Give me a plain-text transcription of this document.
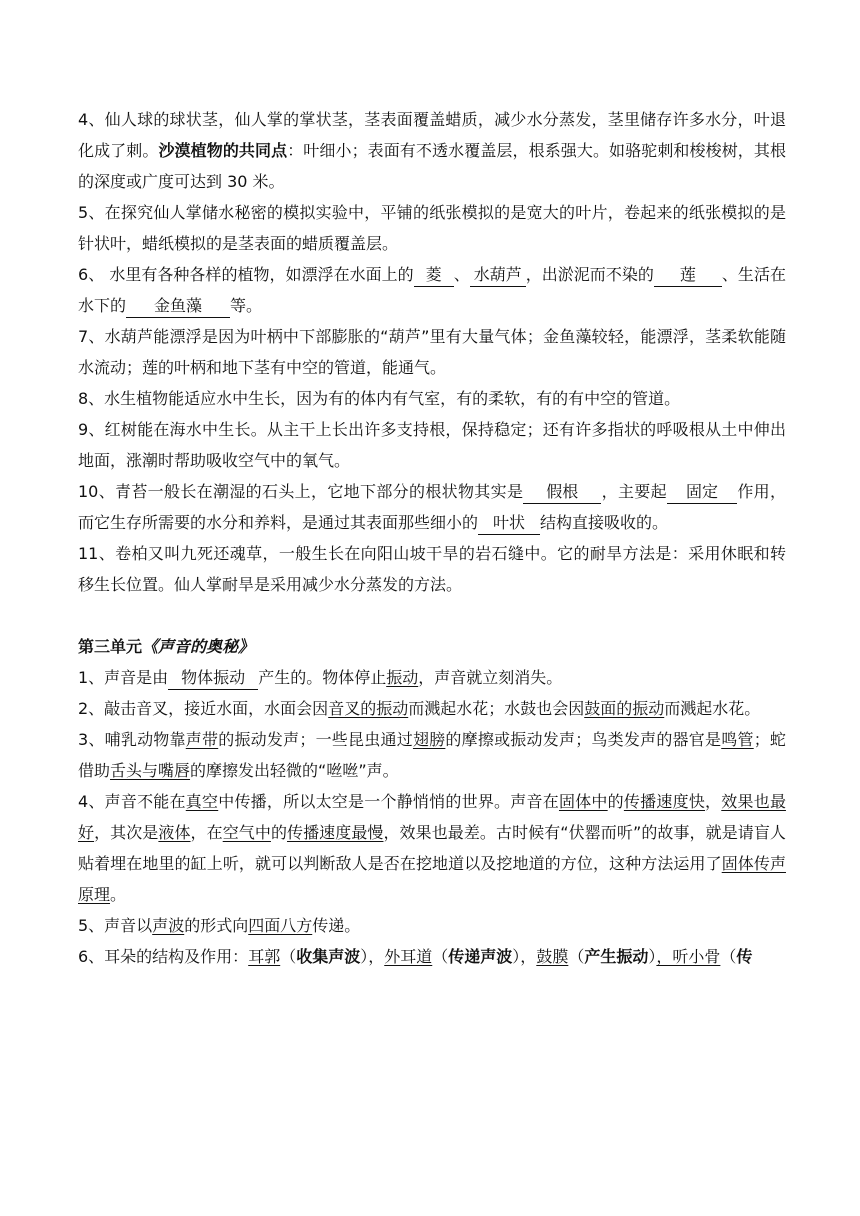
4、仙人球的球状茎，仙人掌的掌状茎，茎表面覆盖蜡质，减少水分蒸发，茎里储存许多水分，叶退化成了刺。沙漠植物的共同点：叶细小；表面有不透水覆盖层，根系强大。如骆驼刺和梭梭树，其根的深度或广度可达到 30 米。

5、在探究仙人掌储水秘密的模拟实验中，平铺的纸张模拟的是宽大的叶片，卷起来的纸张模拟的是针状叶，蜡纸模拟的是茎表面的蜡质覆盖层。

6、 水里有各种各样的植物，如漂浮在水面上的 菱 、 水葫芦 ，出淤泥而不染的 莲 、生活在水下的 金鱼藻 等。

7、水葫芦能漂浮是因为叶柄中下部膨胀的“葫芦”里有大量气体；金鱼藻较轻，能漂浮，茎柔软能随水流动；莲的叶柄和地下茎有中空的管道，能通气。

8、水生植物能适应水中生长，因为有的体内有气室，有的柔软，有的有中空的管道。

9、红树能在海水中生长。从主干上长出许多支持根，保持稳定；还有许多指状的呼吸根从土中伸出地面，涨潮时帮助吸收空气中的氧气。

10、青苔一般长在潮湿的石头上，它地下部分的根状物其实是 假根 ，主要起 固定 作用，而它生存所需要的水分和养料，是通过其表面那些细小的 叶状 结构直接吸收的。

11、卷柏又叫九死还魂草，一般生长在向阳山坡干旱的岩石缝中。它的耐旱方法是：采用休眠和转移生长位置。仙人掌耐旱是采用减少水分蒸发的方法。

第三单元《声音的奥秘》

1、声音是由 物体振动 产生的。物体停止振动，声音就立刻消失。

2、敲击音叉，接近水面，水面会因音叉的振动而溅起水花；水鼓也会因鼓面的振动而溅起水花。

3、哺乳动物靠声带的振动发声；一些昆虫通过翅膀的摩擦或振动发声；鸟类发声的器官是鸣管；蛇借助舌头与嘴唇的摩擦发出轻微的“咝咝”声。

4、声音不能在真空中传播，所以太空是一个静悄悄的世界。声音在固体中的传播速度快，效果也最好，其次是液体，在空气中的传播速度最慢，效果也最差。古时候有“伏罂而听”的故事，就是请盲人贴着埋在地里的缸上听，就可以判断敌人是否在挖地道以及挖地道的方位，这种方法运用了固体传声原理。

5、声音以声波的形式向四面八方传递。

6、耳朵的结构及作用：耳郭（收集声波），外耳道（传递声波），鼓膜（产生振动），听小骨（传
